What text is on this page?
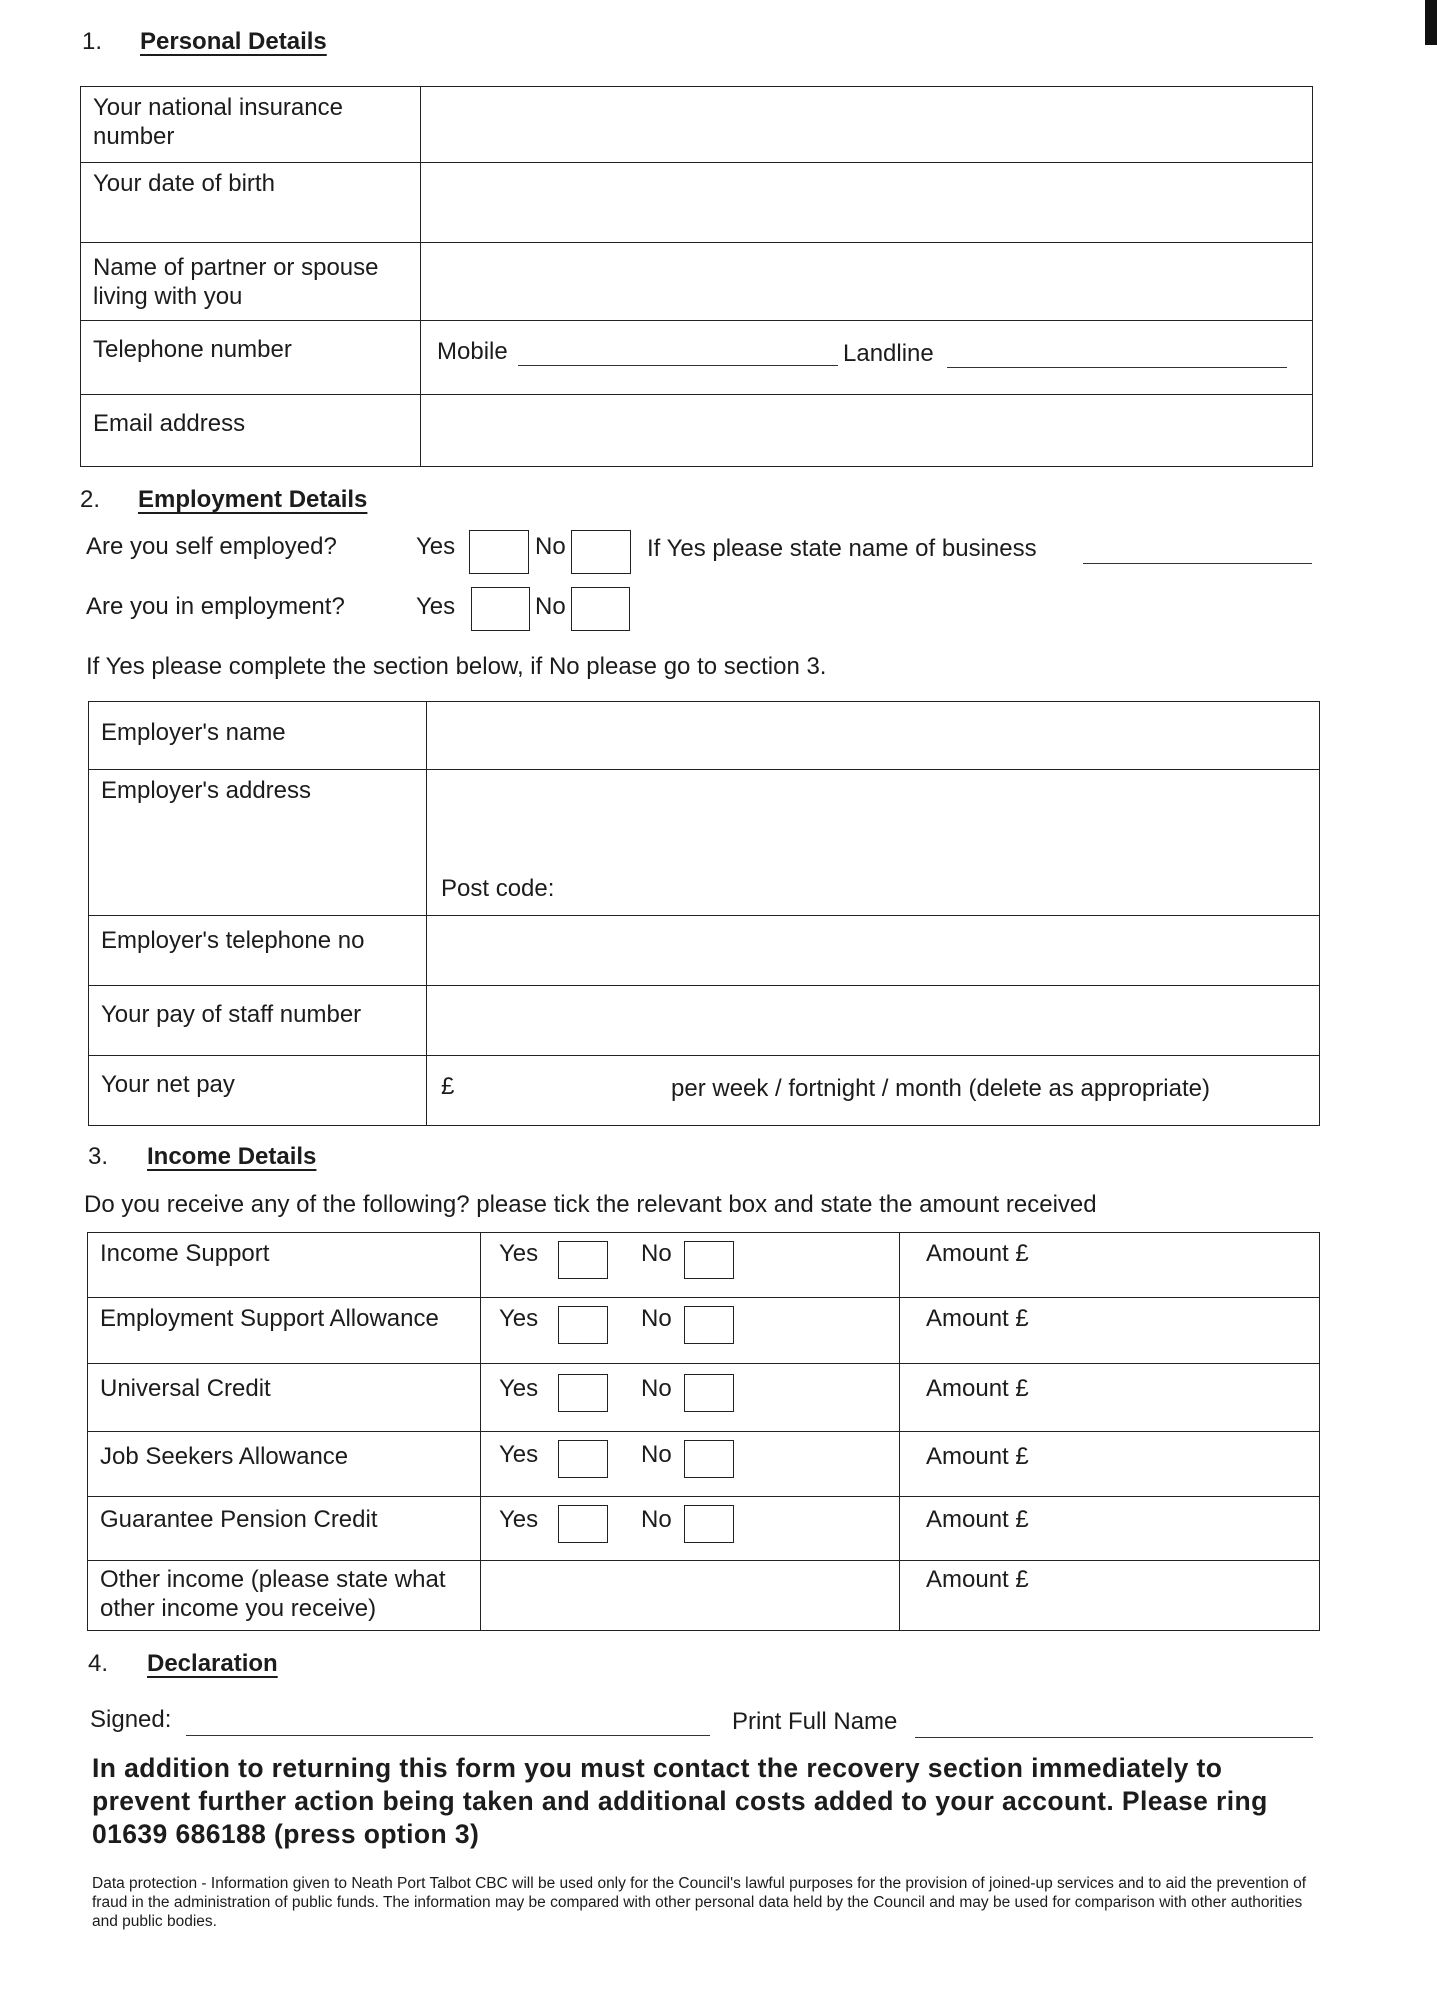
1. Personal Details
Your national insurance number	
Your date of birth	
Name of partner or spouse living with you	
Telephone number	Mobile Landline

Email address	
2. Employment Details
Are you self employed?	Yes	No	If Yes please state name of business
Are you in employment?	Yes	No
If Yes please complete the section below, if No please go to section 3.
Employer's name	
Employer's address	Post code:

Employer's telephone no	
Your pay of staff number	
Your net pay	£ per week / fortnight / month (delete as appropriate)
3. Income Details
Do you receive any of the following? please tick the relevant box and state the amount received
Income Support	Yes No	Amount £
Employment Support Allowance	Yes No	Amount £
Universal Credit	Yes No	Amount £
Job Seekers Allowance	Yes No	Amount £
Guarantee Pension Credit	Yes No	Amount £
Other income (please state what other income you receive)		Amount £
4. Declaration
Signed:	Print Full Name
In addition to returning this form you must contact the recovery section immediately to prevent further action being taken and additional costs added to your account. Please ring 01639 686188 (press option 3)
Data protection - Information given to Neath Port Talbot CBC will be used only for the Council's lawful purposes for the provision of joined-up services and to aid the prevention of fraud in the administration of public funds. The information may be compared with other personal data held by the Council and may be used for comparison with other authorities and public bodies.
